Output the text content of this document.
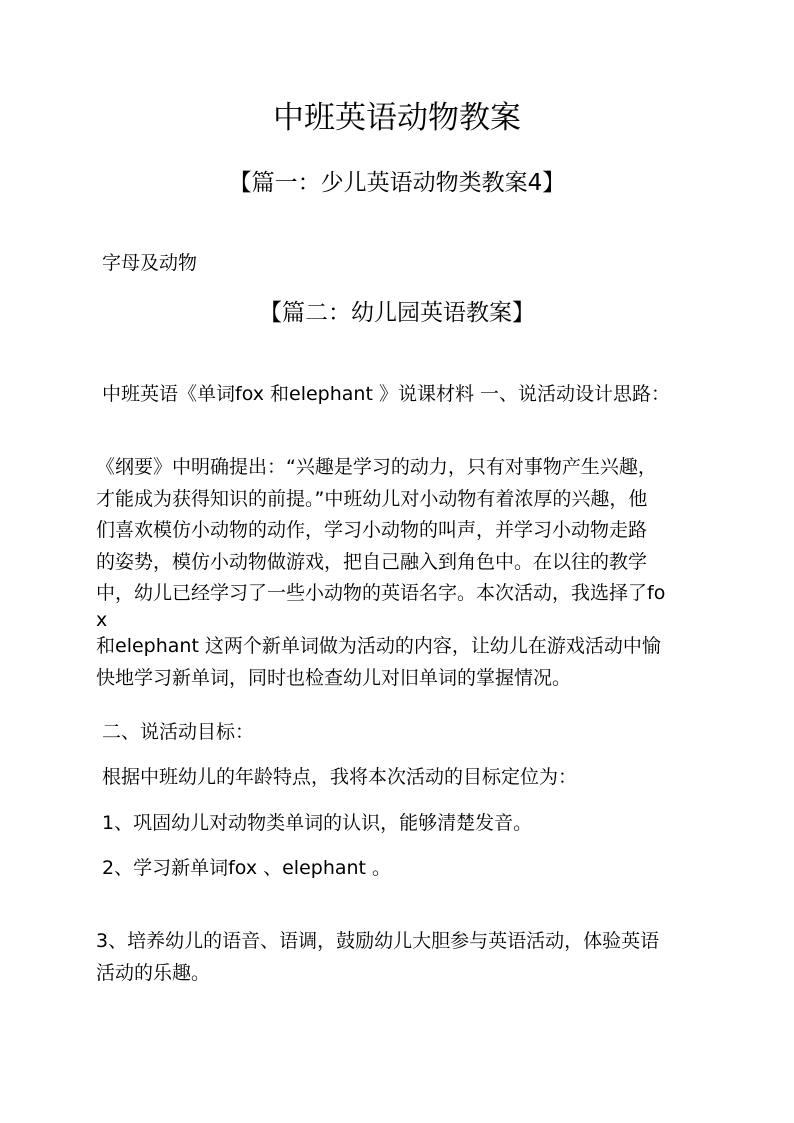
中班英语动物教案
【篇一：少儿英语动物类教案4】
字母及动物
【篇二：幼儿园英语教案】
中班英语《单词fox 和elephant 》说课材料 一、说活动设计思路：
《纲要》中明确提出：“兴趣是学习的动力，只有对事物产生兴趣，
才能成为获得知识的前提。”中班幼儿对小动物有着浓厚的兴趣，他
们喜欢模仿小动物的动作，学习小动物的叫声，并学习小动物走路
的姿势，模仿小动物做游戏，把自己融入到角色中。在以往的教学
中，幼儿已经学习了一些小动物的英语名字。本次活动，我选择了fo
x
和elephant 这两个新单词做为活动的内容，让幼儿在游戏活动中愉
快地学习新单词，同时也检查幼儿对旧单词的掌握情况。
二、说活动目标：
根据中班幼儿的年龄特点，我将本次活动的目标定位为：
1、巩固幼儿对动物类单词的认识，能够清楚发音。
2、学习新单词fox 、elephant 。
3、培养幼儿的语音、语调，鼓励幼儿大胆参与英语活动，体验英语
活动的乐趣。
